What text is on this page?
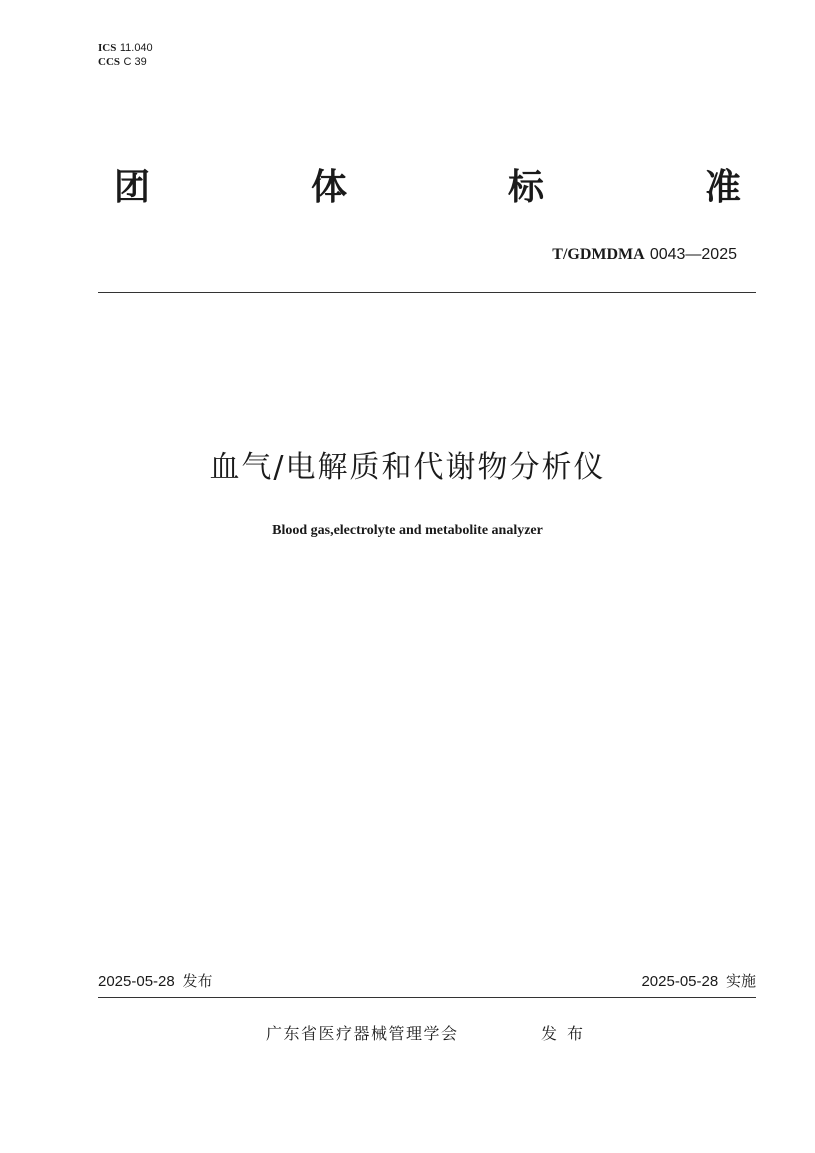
ICS 11.040
CCS C 39
团	体	标	准
T/GDMDMA 0043—2025
血气/电解质和代谢物分析仪
Blood gas,electrolyte and metabolite analyzer
2025-05-28 发布	2025-05-28 实施
广东省医疗器械管理学会	发布
